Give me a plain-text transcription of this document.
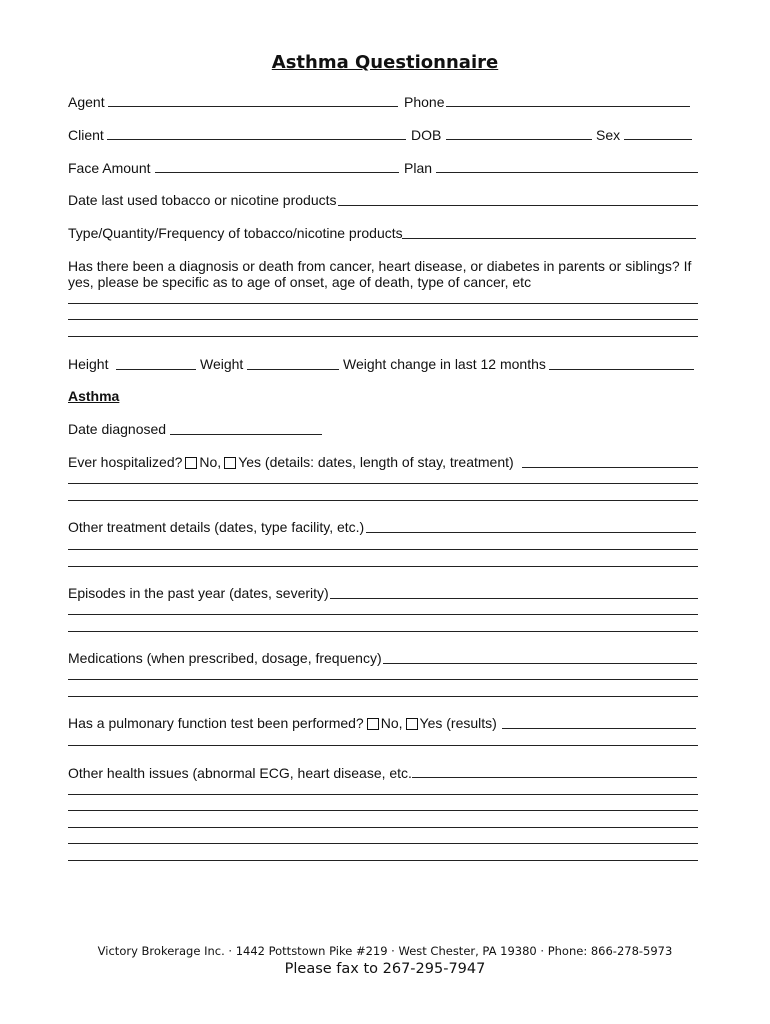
Asthma Questionnaire
Agent	Phone
Client	DOB	Sex
Face Amount	Plan
Date last used tobacco or nicotine products
Type/Quantity/Frequency of tobacco/nicotine products
Has there been a diagnosis or death from cancer, heart disease, or diabetes in parents or siblings? If
yes, please be specific as to age of onset, age of death, type of cancer, etc
Height	Weight	Weight change in last 12 months
Asthma
Date diagnosed
Ever hospitalized? No, Yes (details: dates, length of stay, treatment)
Other treatment details (dates, type facility, etc.)
Episodes in the past year (dates, severity)
Medications (when prescribed, dosage, frequency)
Has a pulmonary function test been performed? No, Yes (results)
Other health issues (abnormal ECG, heart disease, etc.
Victory Brokerage Inc. · 1442 Pottstown Pike #219 · West Chester, PA 19380 · Phone: 866-278-5973
Please fax to 267-295-7947
